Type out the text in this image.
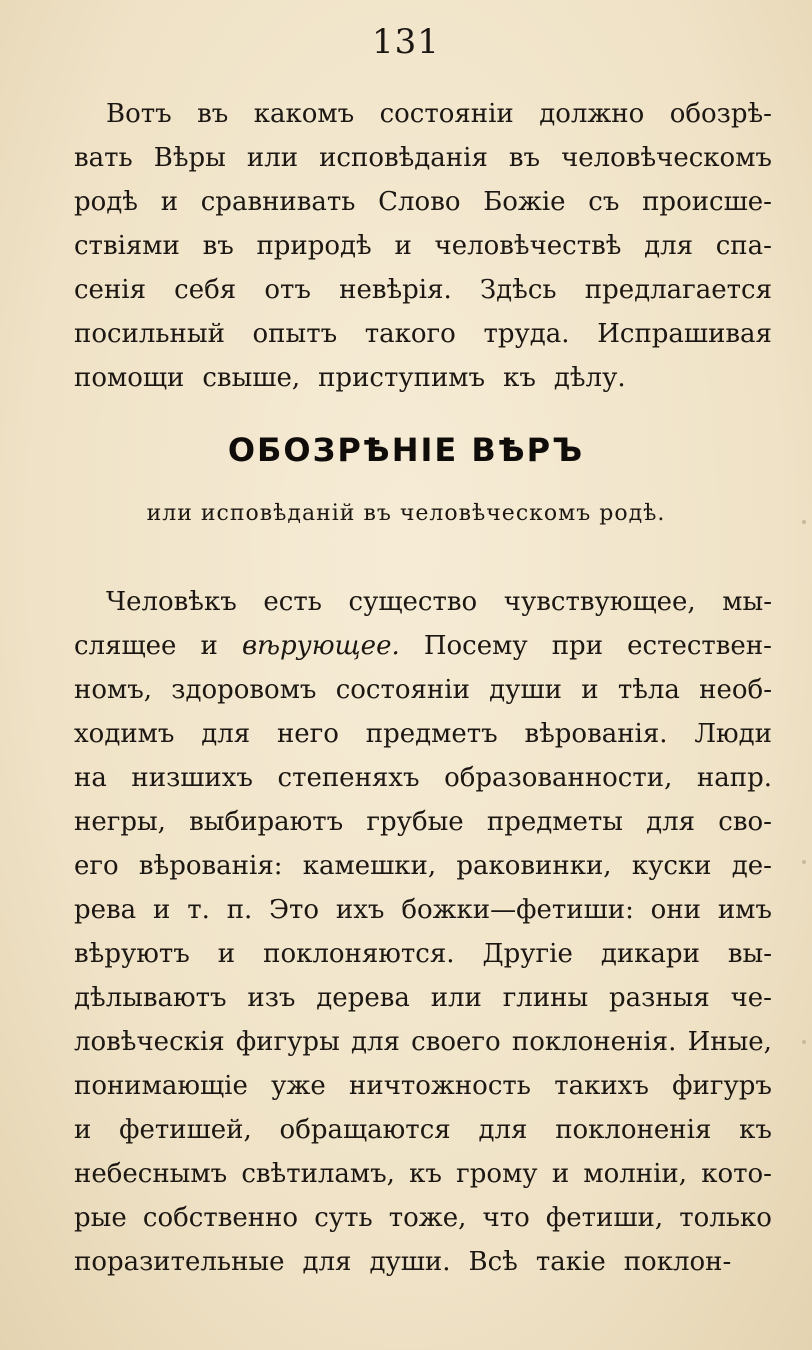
131
Вотъ въ какомъ состояніи должно обозрѣ-
вать Вѣры или исповѣданія въ человѣческомъ
родѣ и сравнивать Слово Божіе съ происше-
ствіями въ природѣ и человѣчествѣ для спа-
сенія себя отъ невѣрія. Здѣсь предлагается
посильный опытъ такого труда. Испрашивая
помощи свыше, приступимъ къ дѣлу.
ОБОЗРѢНІЕ ВѢРЪ
или исповѣданій въ человѣческомъ родѣ.
Человѣкъ есть существо чувствующее, мы-
слящее и вѣрующее. Посему при естествен-
номъ, здоровомъ состояніи души и тѣла необ-
ходимъ для него предметъ вѣрованія. Люди
на низшихъ степеняхъ образованности, напр.
негры, выбираютъ грубые предметы для сво-
его вѣрованія: камешки, раковинки, куски де-
рева и т. п. Это ихъ божки—фетиши: они имъ
вѣруютъ и поклоняются. Другіе дикари вы-
дѣлываютъ изъ дерева или глины разныя че-
ловѣческія фигуры для своего поклоненія. Иные,
понимающіе уже ничтожность такихъ фигуръ
и фетишей, обращаются для поклоненія къ
небеснымъ свѣтиламъ, къ грому и молніи, кото-
рые собственно суть тоже, что фетиши, только
поразительные для души. Всѣ такіе поклон-
